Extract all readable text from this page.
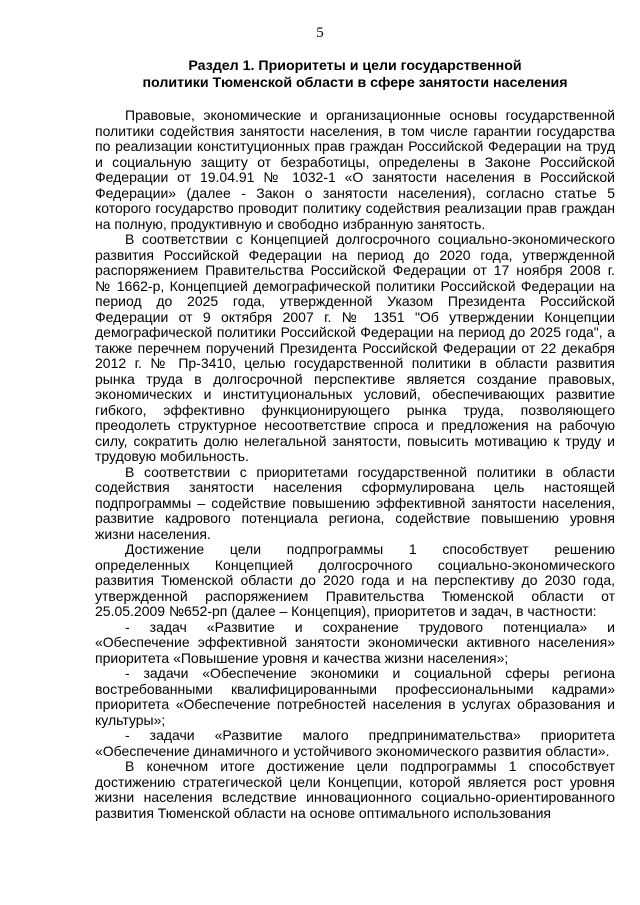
5
Раздел 1. Приоритеты и цели государственной
политики Тюменской области в сфере занятости населения
Правовые, экономические и организационные основы государственной
политики содействия занятости населения, в том числе гарантии государства
по реализации конституционных прав граждан Российской Федерации на труд
и социальную защиту от безработицы, определены в Законе Российской
Федерации от 19.04.91 № 1032-1 «О занятости населения в Российской
Федерации» (далее - Закон о занятости населения), согласно статье 5
которого государство проводит политику содействия реализации прав граждан
на полную, продуктивную и свободно избранную занятость.
В соответствии с Концепцией долгосрочного социально-экономического
развития Российской Федерации на период до 2020 года, утвержденной
распоряжением Правительства Российской Федерации от 17 ноября 2008 г.
№ 1662-р, Концепцией демографической политики Российской Федерации на
период до 2025 года, утвержденной Указом Президента Российской
Федерации от 9 октября 2007 г. № 1351 "Об утверждении Концепции
демографической политики Российской Федерации на период до 2025 года", а
также перечнем поручений Президента Российской Федерации от 22 декабря
2012 г. № Пр-3410, целью государственной политики в области развития
рынка труда в долгосрочной перспективе является создание правовых,
экономических и институциональных условий, обеспечивающих развитие
гибкого, эффективно функционирующего рынка труда, позволяющего
преодолеть структурное несоответствие спроса и предложения на рабочую
силу, сократить долю нелегальной занятости, повысить мотивацию к труду и
трудовую мобильность.
В соответствии с приоритетами государственной политики в области
содействия занятости населения сформулирована цель настоящей
подпрограммы – содействие повышению эффективной занятости населения,
развитие кадрового потенциала региона, содействие повышению уровня
жизни населения.
Достижение цели подпрограммы 1 способствует решению
определенных Концепцией долгосрочного социально-экономического
развития Тюменской области до 2020 года и на перспективу до 2030 года,
утвержденной распоряжением Правительства Тюменской области от
25.05.2009 №652-рп (далее – Концепция), приоритетов и задач, в частности:
- задач «Развитие и сохранение трудового потенциала» и
«Обеспечение эффективной занятости экономически активного населения»
приоритета «Повышение уровня и качества жизни населения»;
- задачи «Обеспечение экономики и социальной сферы региона
востребованными квалифицированными профессиональными кадрами»
приоритета «Обеспечение потребностей населения в услугах образования и
культуры»;
- задачи «Развитие малого предпринимательства» приоритета
«Обеспечение динамичного и устойчивого экономического развития области».
В конечном итоге достижение цели подпрограммы 1 способствует
достижению стратегической цели Концепции, которой является рост уровня
жизни населения вследствие инновационного социально-ориентированного
развития Тюменской области на основе оптимального использования
